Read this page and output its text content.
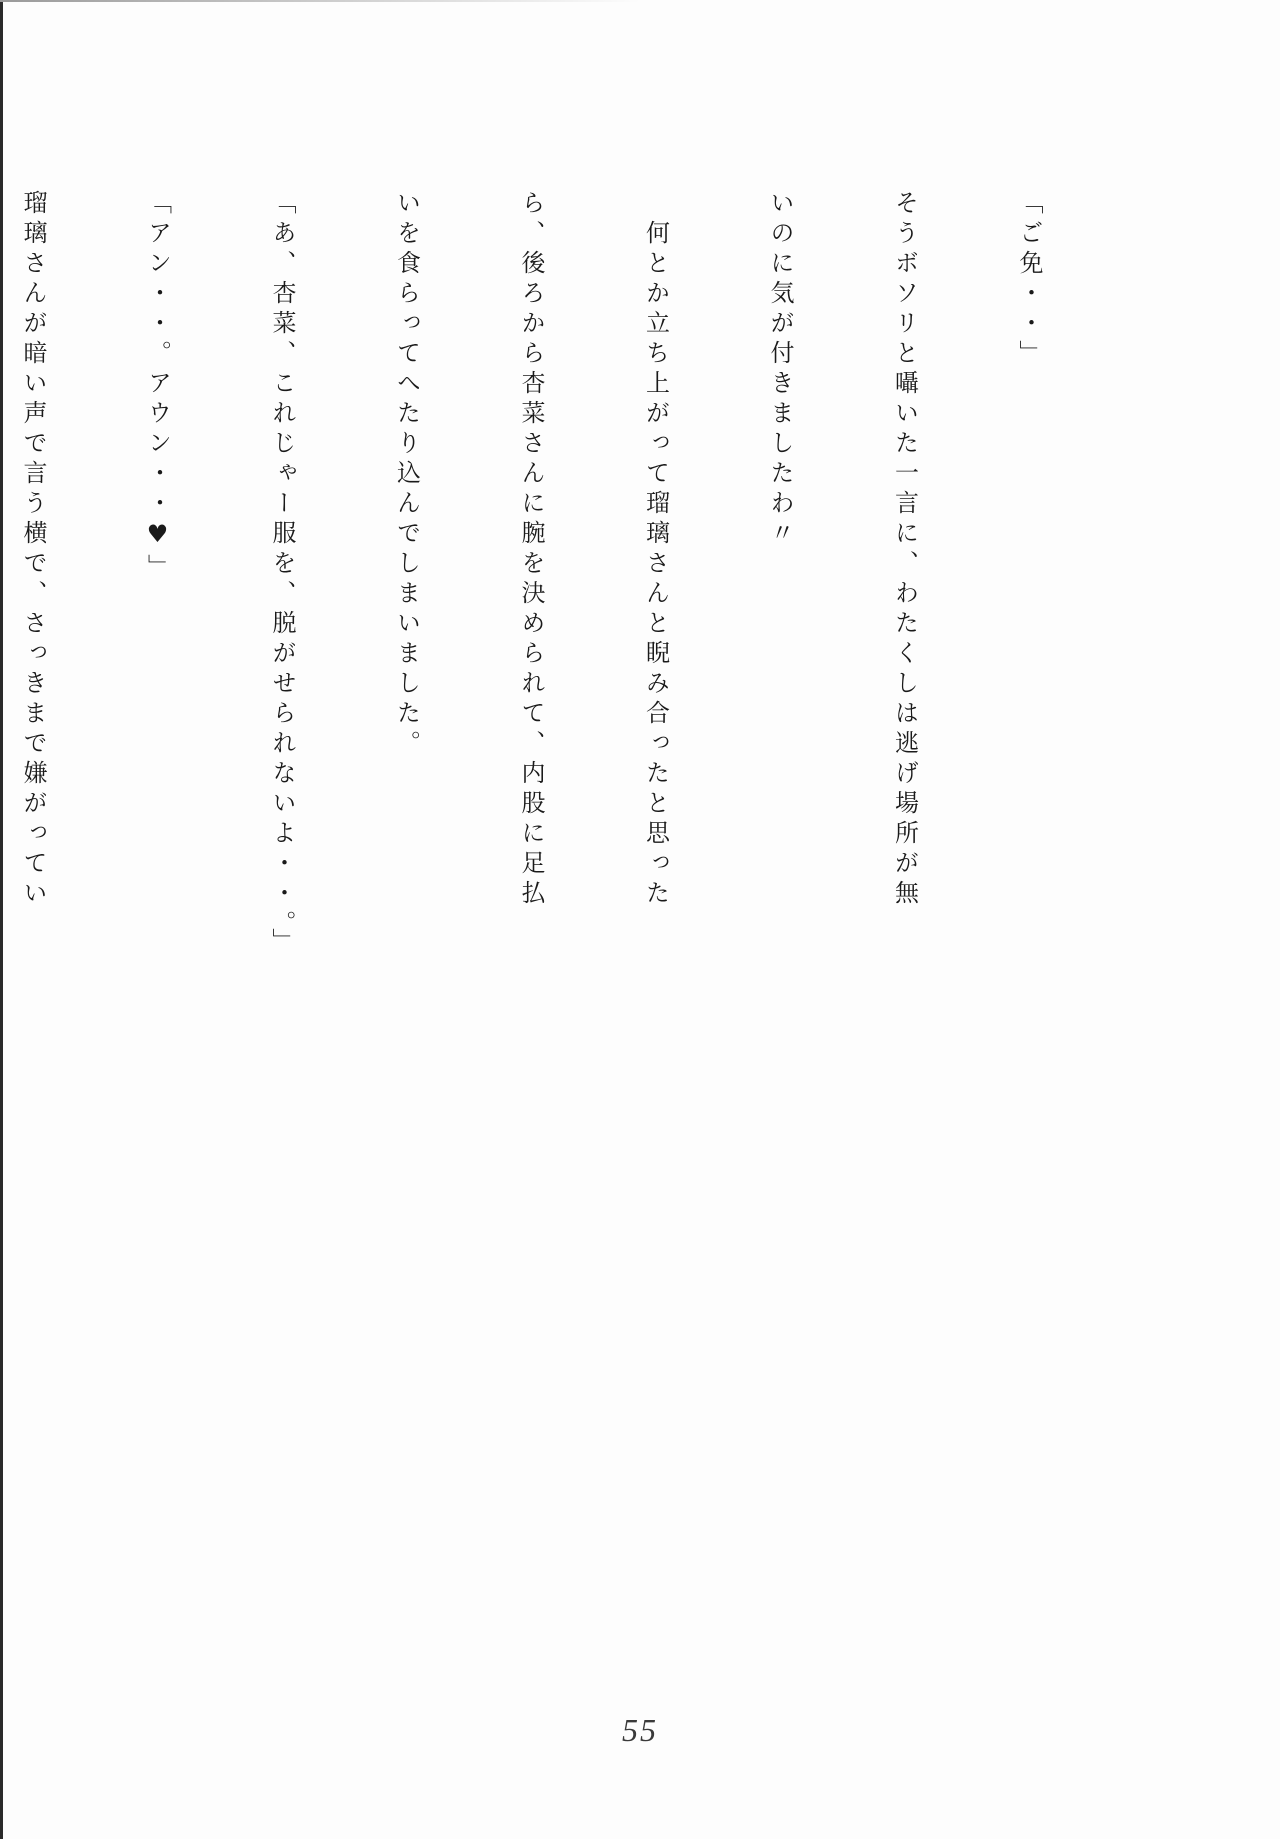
「ご免・・」

そうボソリと囁いた一言に、わたくしは逃げ場所が無

いのに気が付きましたわ〃

　何とか立ち上がって瑠璃さんと睨み合ったと思った

ら、後ろから杏菜さんに腕を決められて、内股に足払

いを食らってへたり込んでしまいました。

「あ、杏菜、これじゃー服を、脱がせられないよ・・。」

「アン・・。アウン・・♥」

瑠璃さんが暗い声で言う横で、さっきまで嫌がってい

55
